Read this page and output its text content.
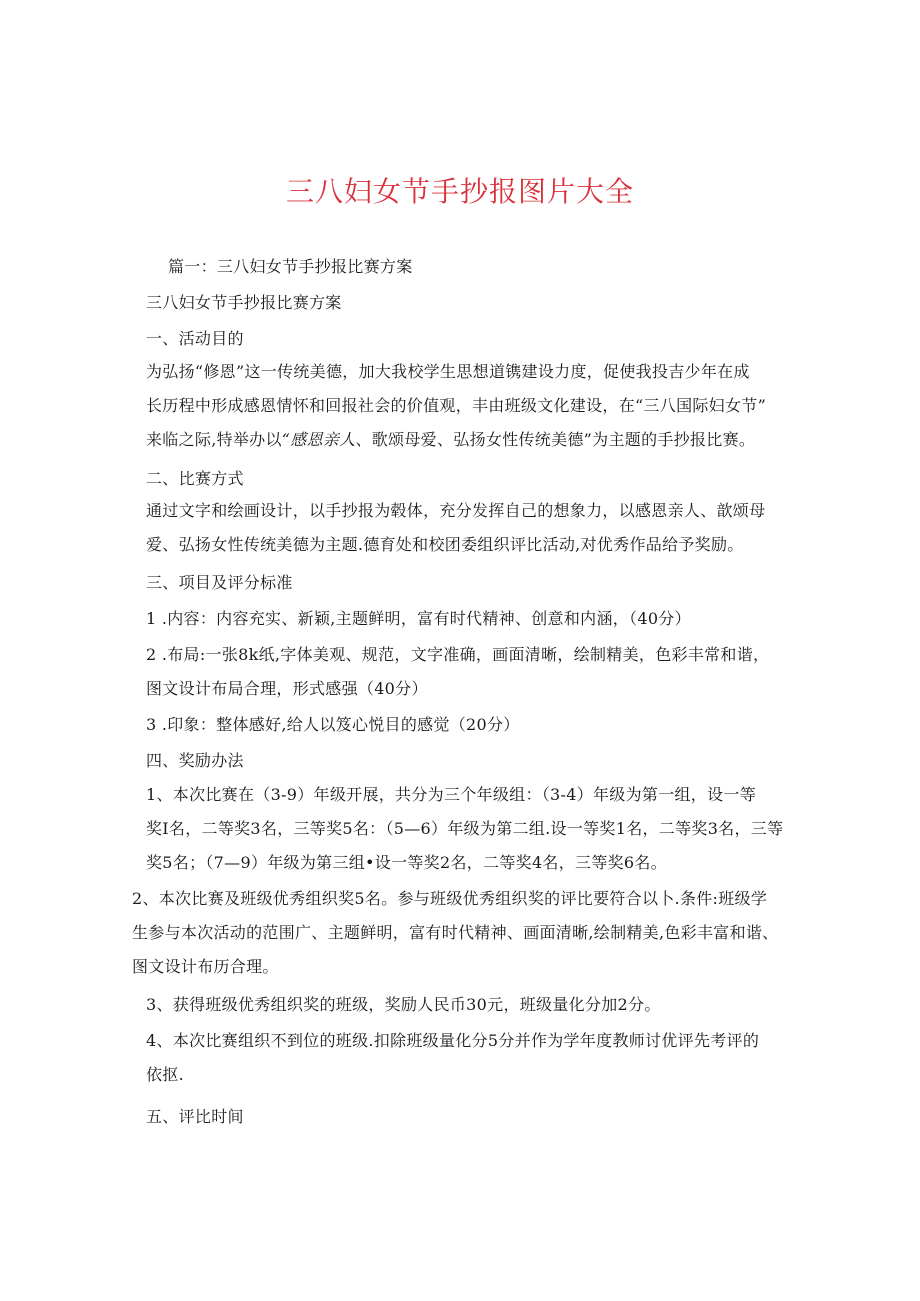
三八妇女节手抄报图片大全
篇一：三八妇女节手抄报比赛方案
三八妇女节手抄报比赛方案
一、活动目的
为弘扬“修恩”这一传统美德，加大我校学生思想道镌建设力度，促使我投吉少年在成
长历程中形成感恩情怀和回报社会的价值观，丰由班级文化建设，在“三八国际妇女节”
来临之际,特举办以“感恩亲人、歌颂母爱、弘扬女性传统美德”为主题的手抄报比赛。
二、比赛方式
通过文字和绘画设计，以手抄报为毂体，充分发挥自己的想象力，以感恩亲人、歆颂母
爱、弘扬女性传统美德为主题.德育处和校团委组织评比活动,对优秀作品给予奖励。
三、项目及评分标准
1 .内容：内容充实、新颖,主题鲜明，富有时代精神、创意和内涵，（40分）
2 .布局:一张8k纸,字体美观、规范，文字准确，画面清晰，绘制精美，色彩丰常和谐，
图文设计布局合理，形式感强（40分）
3 .印象：整体感好,给人以笈心悦目的感觉（20分）
四、奖励办法
1、本次比赛在（3-9）年级开展，共分为三个年级组：（3-4）年级为第一组，设一等
奖I名，二等奖3名，三等奖5名：（5—6）年级为第二组.设一等奖1名，二等奖3名，三等
奖5名；（7—9）年级为第三组•设一等奖2名，二等奖4名，三等奖6名。
2、本次比赛及班级优秀组织奖5名。参与班级优秀组织奖的评比要符合以卜.条件:班级学
生参与本次活动的范围广、主题鲜明，富有时代精神、画面清晰,绘制精美,色彩丰富和谐、
图文设计布历合理。
3、获得班级优秀组织奖的班级，奖励人民币30元，班级量化分加2分。
4、本次比赛组织不到位的班级.扣除班级量化分5分并作为学年度教师讨优评先考评的
依抠.
五、评比时间
